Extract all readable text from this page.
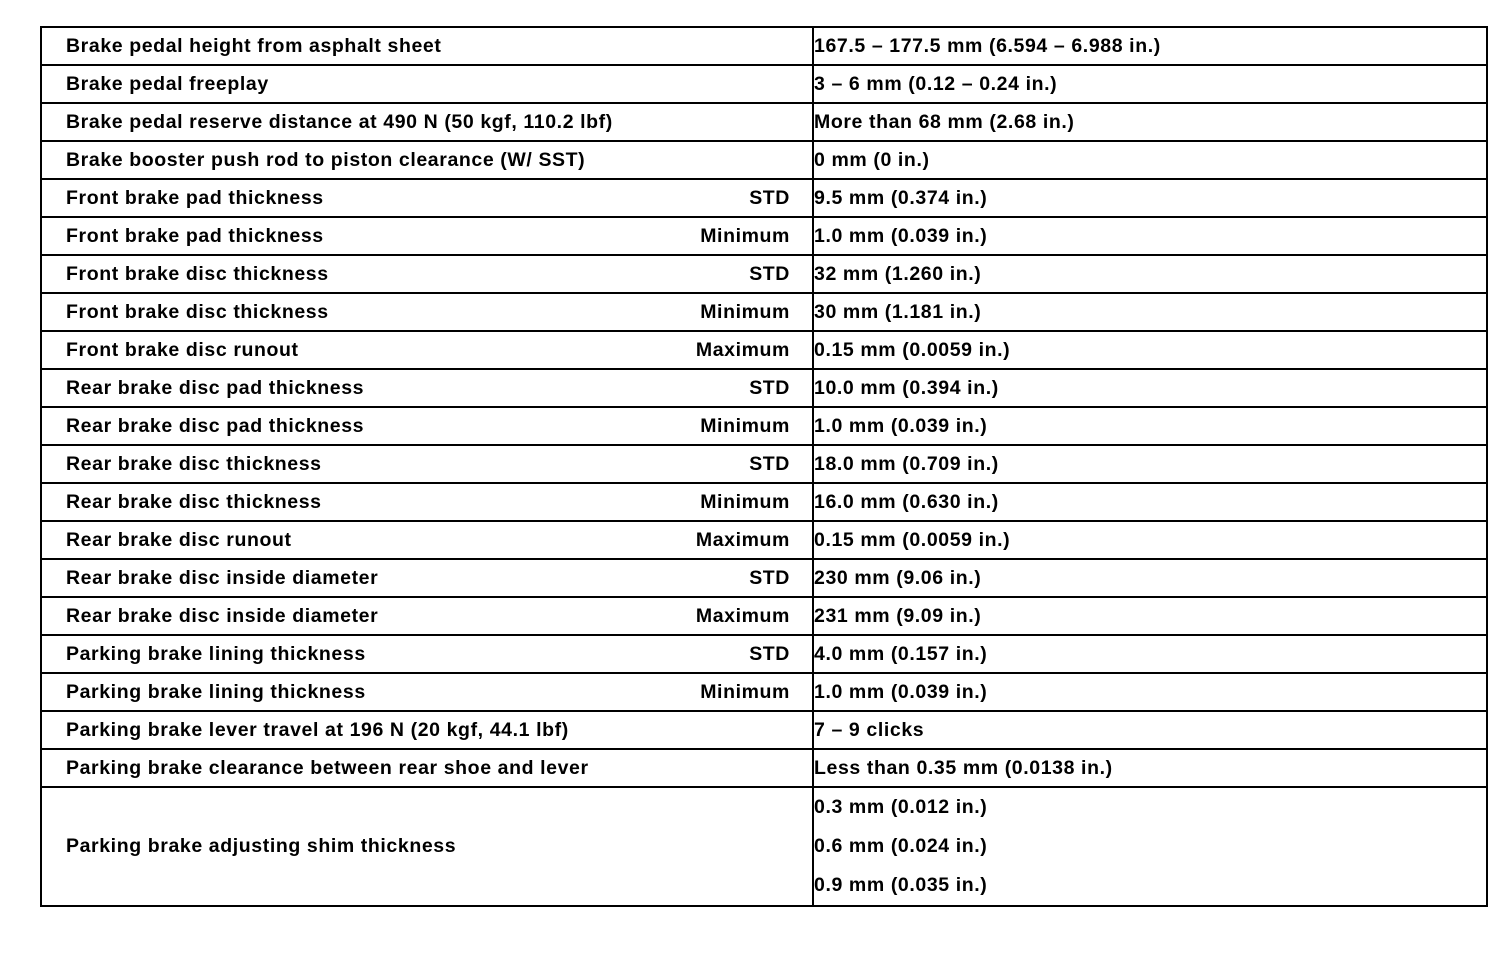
Brake pedal height from asphalt sheet	167.5 – 177.5 mm (6.594 – 6.988 in.)

Brake pedal freeplay	3 – 6 mm (0.12 – 0.24 in.)

Brake pedal reserve distance at 490 N (50 kgf, 110.2 lbf)	More than 68 mm (2.68 in.)

Brake booster push rod to piston clearance (W/ SST)	0 mm (0 in.)

Front brake pad thickness STD	9.5 mm (0.374 in.)

Front brake pad thickness Minimum	1.0 mm (0.039 in.)

Front brake disc thickness STD	32 mm (1.260 in.)

Front brake disc thickness Minimum	30 mm (1.181 in.)

Front brake disc runout Maximum	0.15 mm (0.0059 in.)

Rear brake disc pad thickness STD	10.0 mm (0.394 in.)

Rear brake disc pad thickness Minimum	1.0 mm (0.039 in.)

Rear brake disc thickness STD	18.0 mm (0.709 in.)

Rear brake disc thickness Minimum	16.0 mm (0.630 in.)

Rear brake disc runout Maximum	0.15 mm (0.0059 in.)

Rear brake disc inside diameter STD	230 mm (9.06 in.)

Rear brake disc inside diameter Maximum	231 mm (9.09 in.)

Parking brake lining thickness STD	4.0 mm (0.157 in.)

Parking brake lining thickness Minimum	1.0 mm (0.039 in.)

Parking brake lever travel at 196 N (20 kgf, 44.1 lbf)	7 – 9 clicks

Parking brake clearance between rear shoe and lever	Less than 0.35 mm (0.0138 in.)

Parking brake adjusting shim thickness	0.3 mm (0.012 in.)
0.6 mm (0.024 in.)
0.9 mm (0.035 in.)
